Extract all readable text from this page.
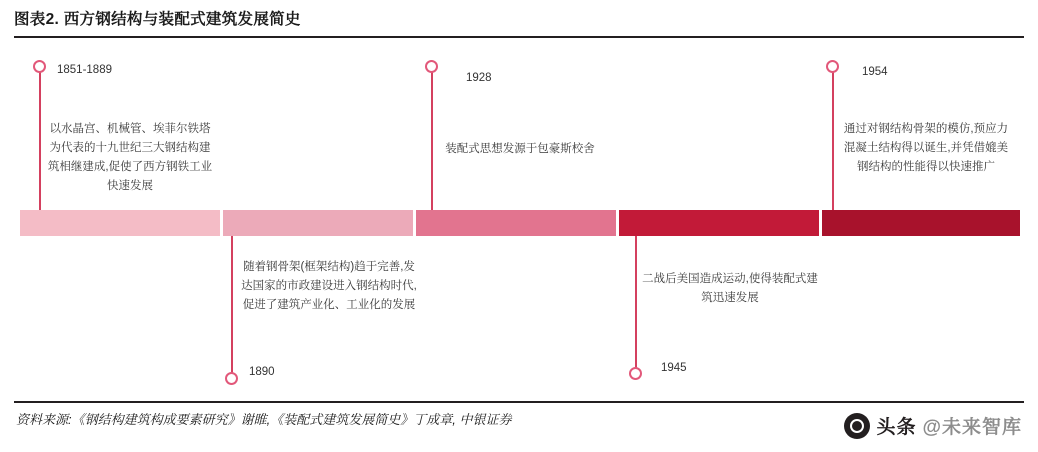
图表2. 西方钢结构与装配式建筑发展简史
1851-1889
以水晶宫、机械管、埃菲尔铁塔为代表的十九世纪三大钢结构建筑相继建成,促使了西方钢铁工业快速发展
1890
随着钢骨架(框架结构)趋于完善,发达国家的市政建设进入钢结构时代,促进了建筑产业化、工业化的发展
1928
装配式思想发源于包豪斯校舍
1945
二战后美国造成运动,使得装配式建筑迅速发展
1954
通过对钢结构骨架的模仿,预应力混凝土结构得以诞生,并凭借媲美钢结构的性能得以快速推广
资料来源:《钢结构建筑构成要素研究》谢睢,《装配式建筑发展简史》丁成章, 中银证券	头条 @未来智库
